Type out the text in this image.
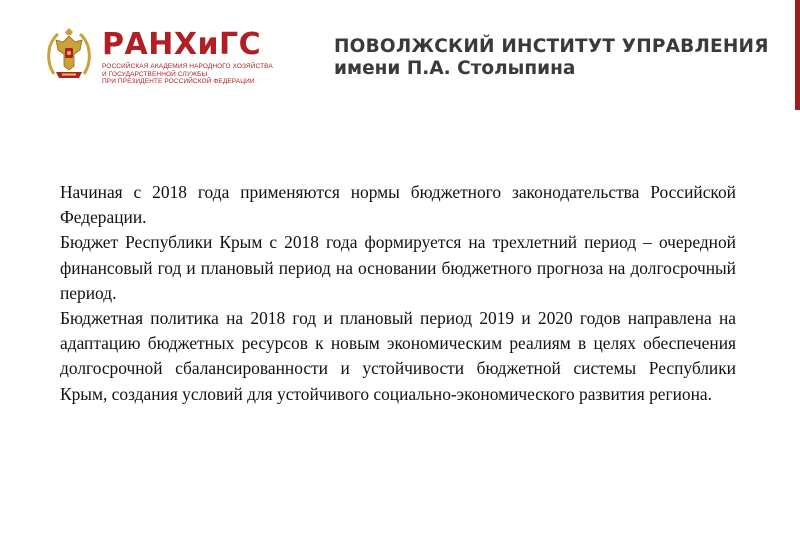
РАНХиГС
РОССИЙСКАЯ АКАДЕМИЯ НАРОДНОГО ХОЗЯЙСТВА
И ГОСУДАРСТВЕННОЙ СЛУЖБЫ
ПРИ ПРЕЗИДЕНТЕ РОССИЙСКОЙ ФЕДЕРАЦИИ
ПОВОЛЖСКИЙ ИНСТИТУТ УПРАВЛЕНИЯ
имени П.А. Столыпина

Начиная с 2018 года применяются нормы бюджетного законодательства Российской Федерации.

Бюджет Республики Крым с 2018 года формируется на трехлетний период – очередной финансовый год и плановый период на основании бюджетного прогноза на долгосрочный период.

Бюджетная политика на 2018 год и плановый период 2019 и 2020 годов направлена на адаптацию бюджетных ресурсов к новым экономическим реалиям в целях обеспечения долгосрочной сбалансированности и устойчивости бюджетной системы Республики Крым, создания условий для устойчивого социально-экономического развития региона.
